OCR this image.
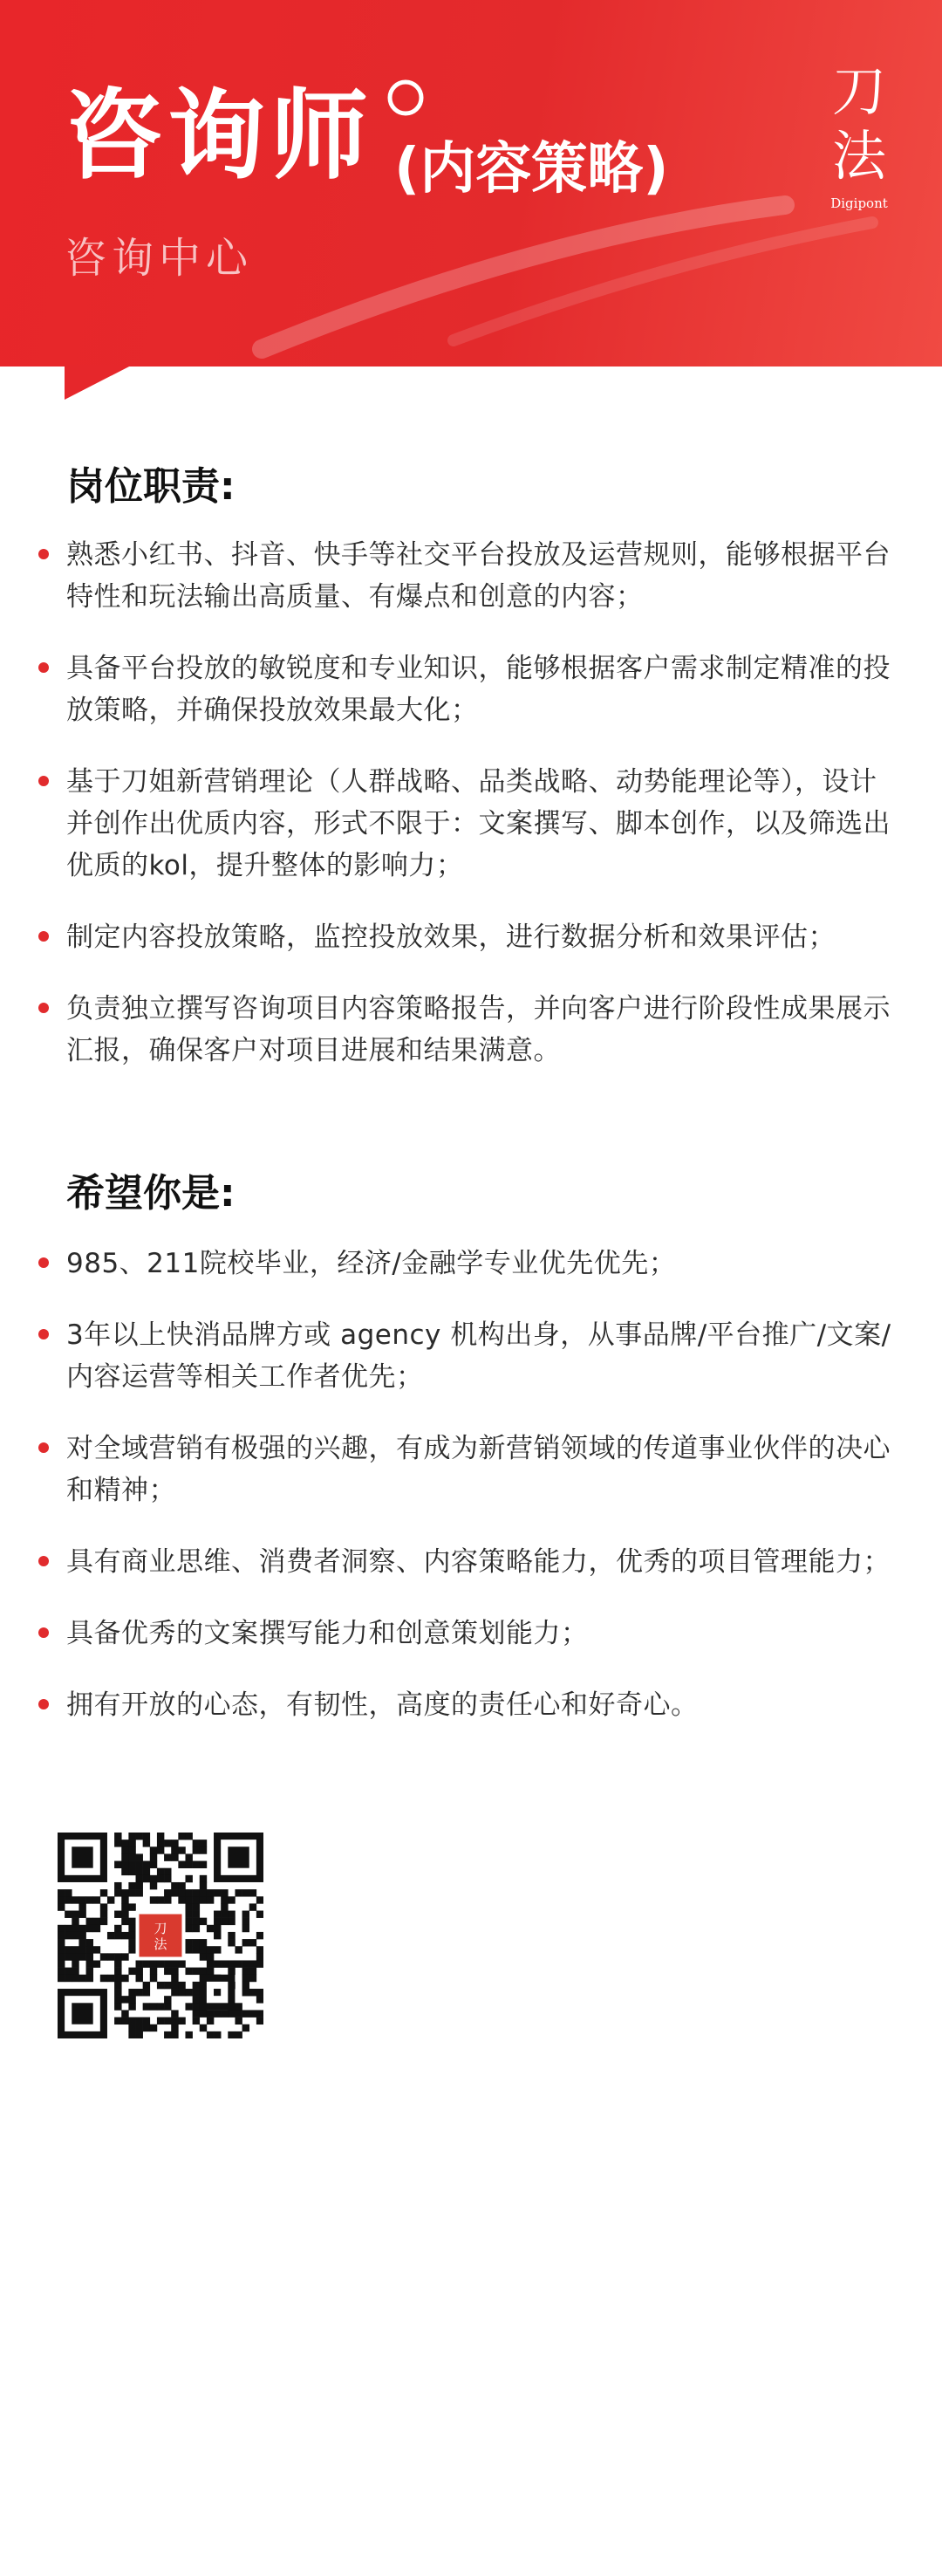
咨询师 (内容策略)
咨询中心
刀
法
Digipont
岗位职责:
熟悉小红书、抖音、快手等社交平台投放及运营规则，能够根据平台特性和玩法输出高质量、有爆点和创意的内容；
具备平台投放的敏锐度和专业知识，能够根据客户需求制定精准的投放策略，并确保投放效果最大化；
基于刀姐新营销理论（人群战略、品类战略、动势能理论等），设计并创作出优质内容，形式不限于：文案撰写、脚本创作，以及筛选出优质的kol，提升整体的影响力；
制定内容投放策略，监控投放效果，进行数据分析和效果评估；
负责独立撰写咨询项目内容策略报告，并向客户进行阶段性成果展示汇报，确保客户对项目进展和结果满意。
希望你是:
985、211院校毕业，经济/金融学专业优先优先；
3年以上快消品牌方或 agency 机构出身，从事品牌/平台推广/文案/内容运营等相关工作者优先；
对全域营销有极强的兴趣，有成为新营销领域的传道事业伙伴的决心和精神；
具有商业思维、消费者洞察、内容策略能力，优秀的项目管理能力；
具备优秀的文案撰写能力和创意策划能力；
拥有开放的心态，有韧性，高度的责任心和好奇心。
刀
法
